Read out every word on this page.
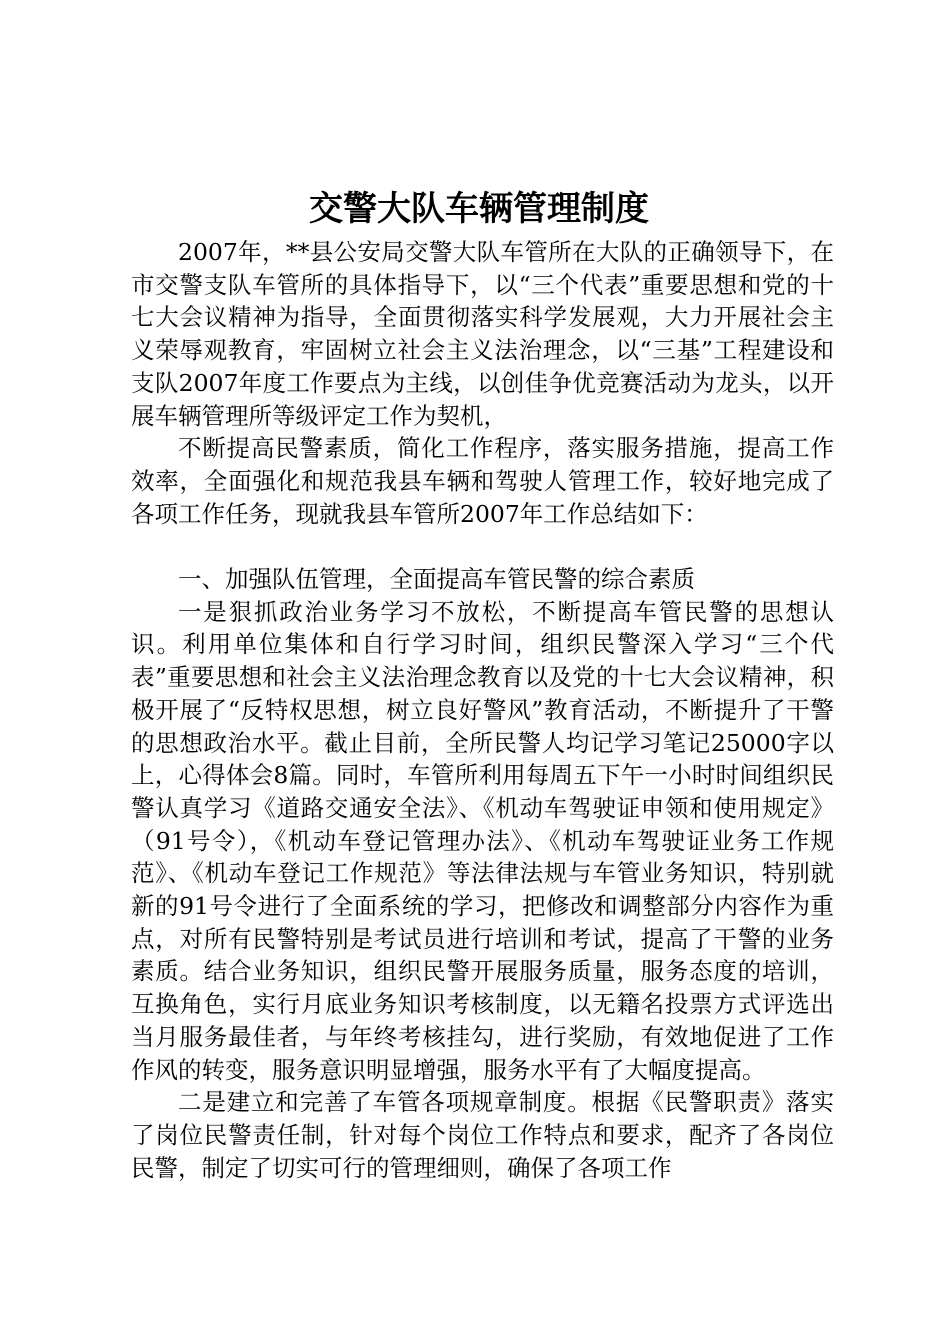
交警大队车辆管理制度

2007年，**县公安局交警大队车管所在大队的正确领导下，在市交警支队车管所的具体指导下，以“三个代表”重要思想和党的十七大会议精神为指导，全面贯彻落实科学发展观，大力开展社会主义荣辱观教育，牢固树立社会主义法治理念，以“三基”工程建设和支队2007年度工作要点为主线，以创佳争优竞赛活动为龙头，以开展车辆管理所等级评定工作为契机，

不断提高民警素质，简化工作程序，落实服务措施，提高工作效率，全面强化和规范我县车辆和驾驶人管理工作，较好地完成了各项工作任务，现就我县车管所2007年工作总结如下：

一、加强队伍管理，全面提高车管民警的综合素质

一是狠抓政治业务学习不放松，不断提高车管民警的思想认识。利用单位集体和自行学习时间，组织民警深入学习“三个代表”重要思想和社会主义法治理念教育以及党的十七大会议精神，积极开展了“反特权思想，树立良好警风”教育活动，不断提升了干警的思想政治水平。截止目前，全所民警人均记学习笔记25000字以上，心得体会8篇。同时，车管所利用每周五下午一小时时间组织民警认真学习《道路交通安全法》、《机动车驾驶证申领和使用规定》（91号令），《机动车登记管理办法》、《机动车驾驶证业务工作规范》、《机动车登记工作规范》等法律法规与车管业务知识，特别就新的91号令进行了全面系统的学习，把修改和调整部分内容作为重点，对所有民警特别是考试员进行培训和考试，提高了干警的业务素质。结合业务知识，组织民警开展服务质量，服务态度的培训，互换角色，实行月底业务知识考核制度，以无籍名投票方式评选出当月服务最佳者，与年终考核挂勾，进行奖励，有效地促进了工作作风的转变，服务意识明显增强，服务水平有了大幅度提高。

二是建立和完善了车管各项规章制度。根据《民警职责》落实了岗位民警责任制，针对每个岗位工作特点和要求，配齐了各岗位民警，制定了切实可行的管理细则，确保了各项工作
